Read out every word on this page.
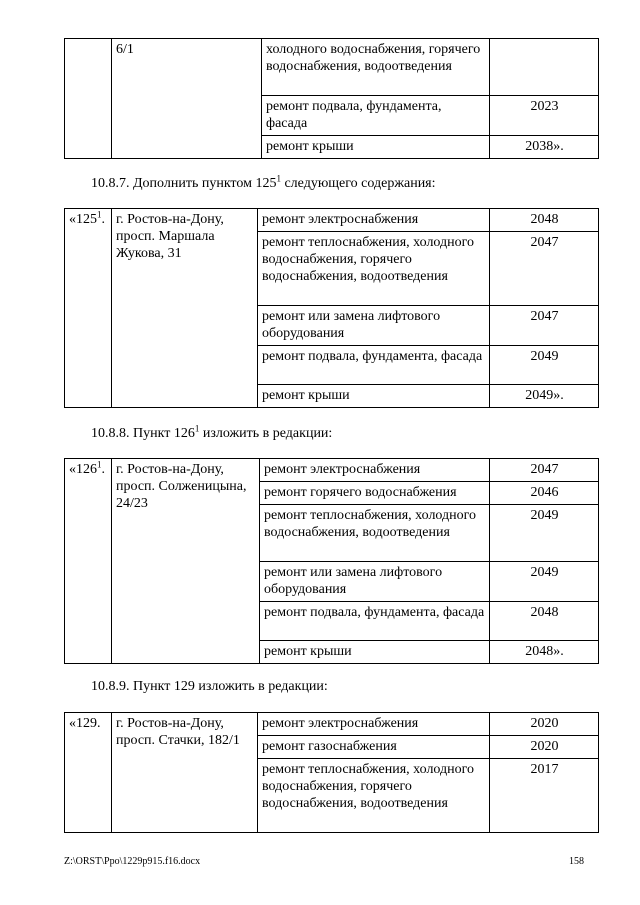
	6/1	холодного водоснабжения, горячего водоснабжения, водоотведения	
		ремонт подвала, фундамента, фасада	2023
		ремонт крыши	2038».
10.8.7. Дополнить пунктом $125^1$ следующего содержания:
«$125^1$.	г. Ростов-на-Дону, просп. Маршала Жукова, 31	ремонт электроснабжения	2048
		ремонт теплоснабжения, холодного водоснабжения, горячего водоснабжения, водоотведения	2047
		ремонт или замена лифтового оборудования	2047
		ремонт подвала, фундамента, фасада	2049
		ремонт крыши	2049».
10.8.8. Пункт $126^1$ изложить в редакции:
«$126^1$.	г. Ростов-на-Дону, просп. Солженицына, 24/23	ремонт электроснабжения	2047
		ремонт горячего водоснабжения	2046
		ремонт теплоснабжения, холодного водоснабжения, водоотведения	2049
		ремонт или замена лифтового оборудования	2049
		ремонт подвала, фундамента, фасада	2048
		ремонт крыши	2048».
10.8.9. Пункт 129 изложить в редакции:
«129.	г. Ростов-на-Дону, просп. Стачки, 182/1	ремонт электроснабжения	2020
		ремонт газоснабжения	2020
		ремонт теплоснабжения, холодного водоснабжения, горячего водоснабжения, водоотведения	2017
Z:\ORST\Ppo\1229p915.f16.docx	158
